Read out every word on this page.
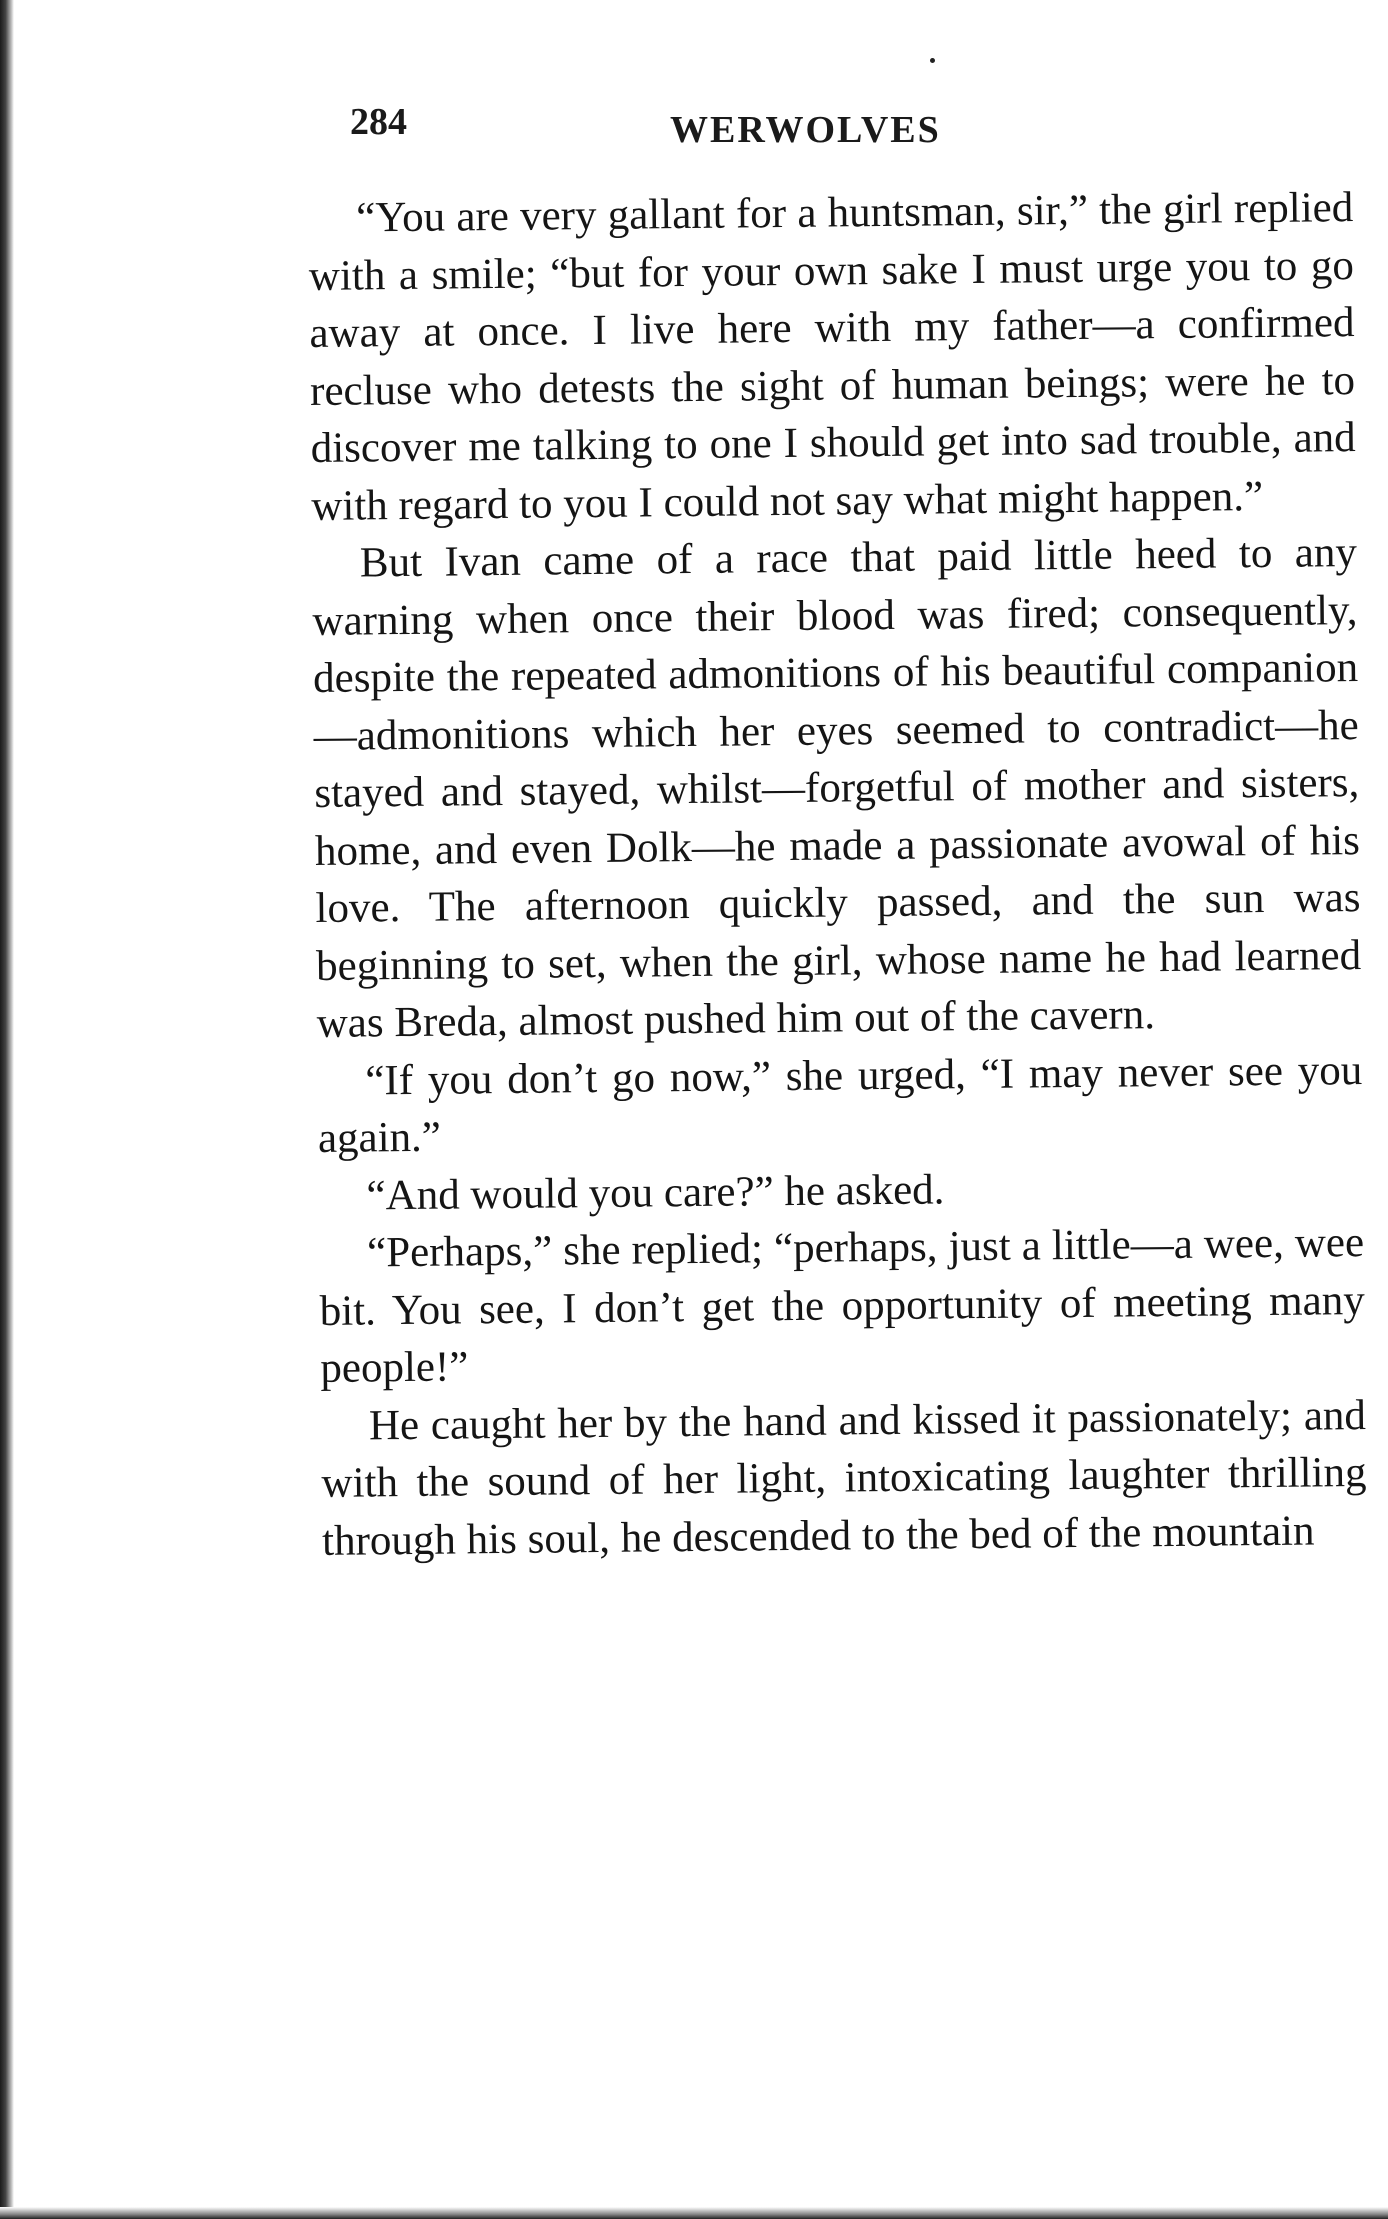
284	WERWOLVES

“You are very gallant for a huntsman, sir,” the girl replied with a smile; “but for your own sake I must urge you to go away at once. I live here with my father—a confirmed recluse who detests the sight of human beings; were he to discover me talking to one I should get into sad trouble, and with regard to you I could not say what might happen.”

But Ivan came of a race that paid little heed to any warning when once their blood was fired; consequently, despite the repeated admonitions of his beautiful companion—admonitions which her eyes seemed to contradict—he stayed and stayed, whilst—forgetful of mother and sisters, home, and even Dolk—he made a passionate avowal of his love. The afternoon quickly passed, and the sun was beginning to set, when the girl, whose name he had learned was Breda, almost pushed him out of the cavern.

“If you don’t go now,” she urged, “I may never see you again.”

“And would you care?” he asked.

“Perhaps,” she replied; “perhaps, just a little—a wee, wee bit. You see, I don’t get the opportunity of meeting many people!”

He caught her by the hand and kissed it passionately; and with the sound of her light, intoxicating laughter thrilling through his soul, he descended to the bed of the mountain
